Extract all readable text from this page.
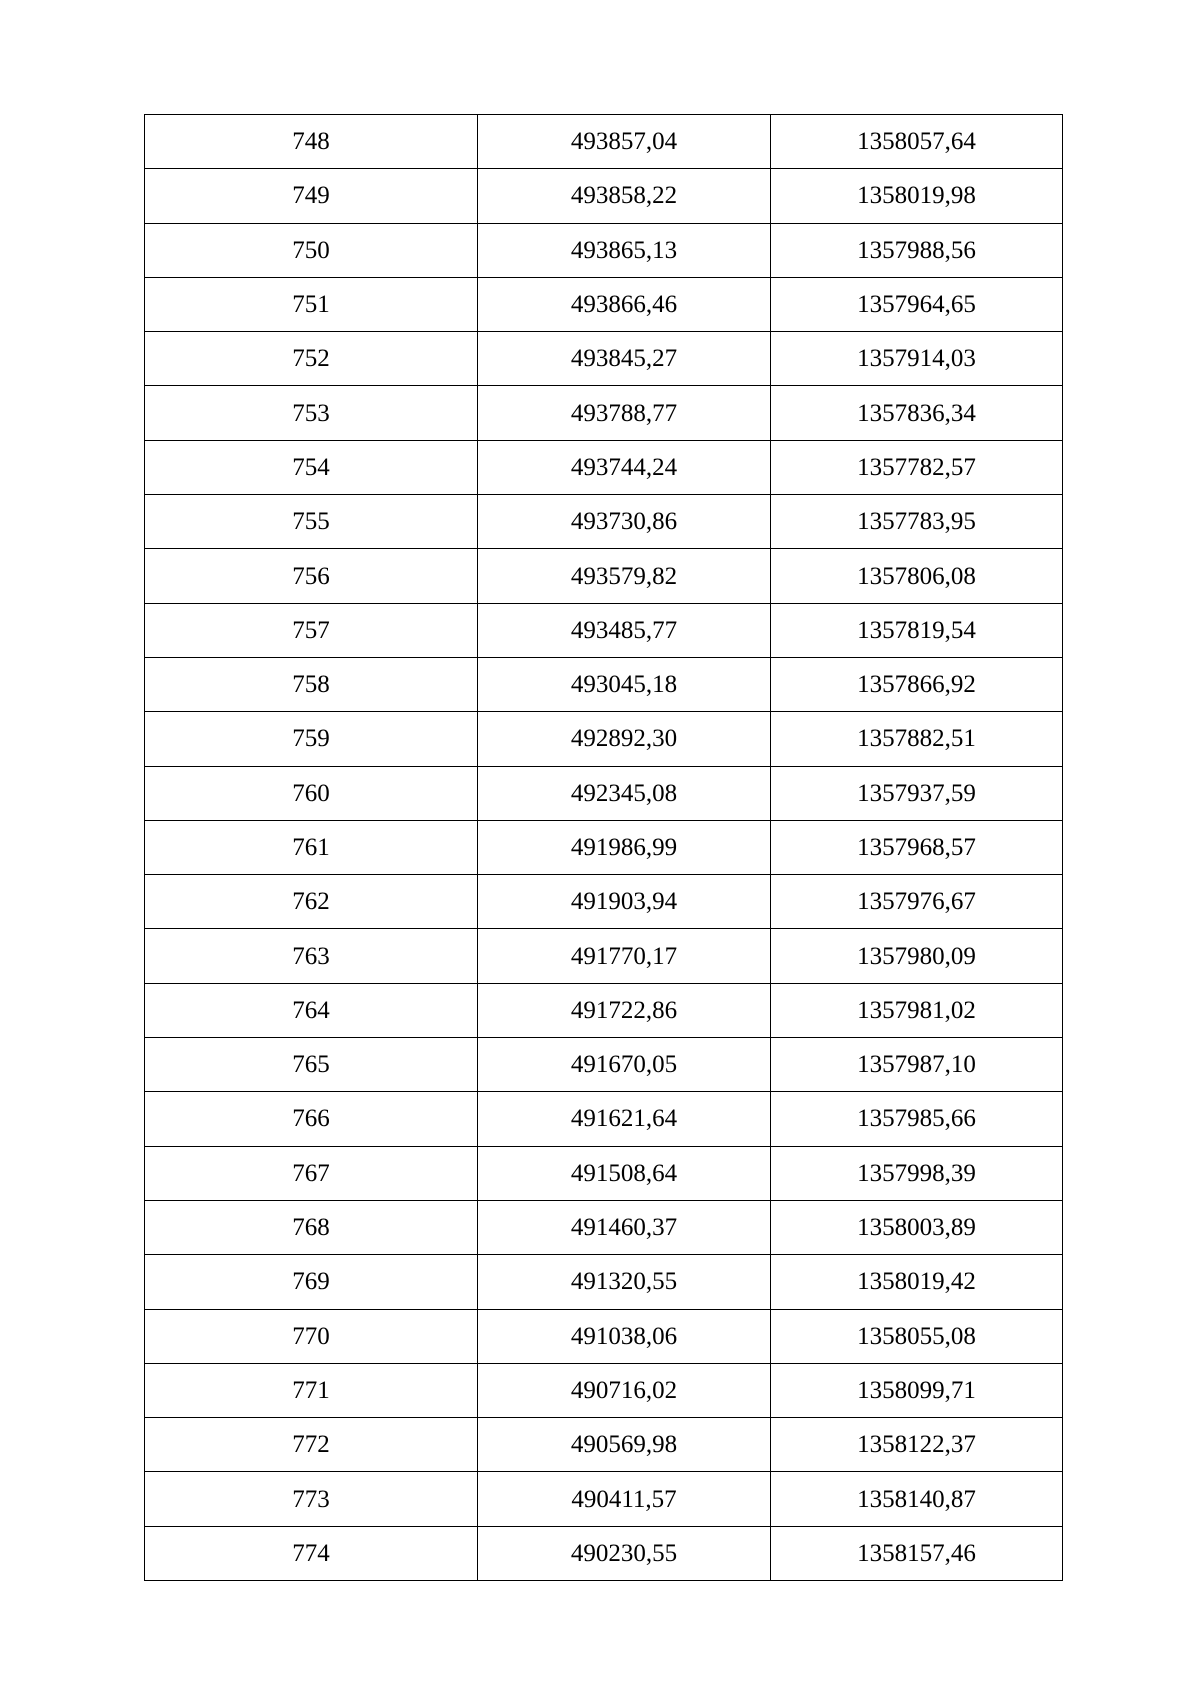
748	493857,04	1358057,64
749	493858,22	1358019,98
750	493865,13	1357988,56
751	493866,46	1357964,65
752	493845,27	1357914,03
753	493788,77	1357836,34
754	493744,24	1357782,57
755	493730,86	1357783,95
756	493579,82	1357806,08
757	493485,77	1357819,54
758	493045,18	1357866,92
759	492892,30	1357882,51
760	492345,08	1357937,59
761	491986,99	1357968,57
762	491903,94	1357976,67
763	491770,17	1357980,09
764	491722,86	1357981,02
765	491670,05	1357987,10
766	491621,64	1357985,66
767	491508,64	1357998,39
768	491460,37	1358003,89
769	491320,55	1358019,42
770	491038,06	1358055,08
771	490716,02	1358099,71
772	490569,98	1358122,37
773	490411,57	1358140,87
774	490230,55	1358157,46
